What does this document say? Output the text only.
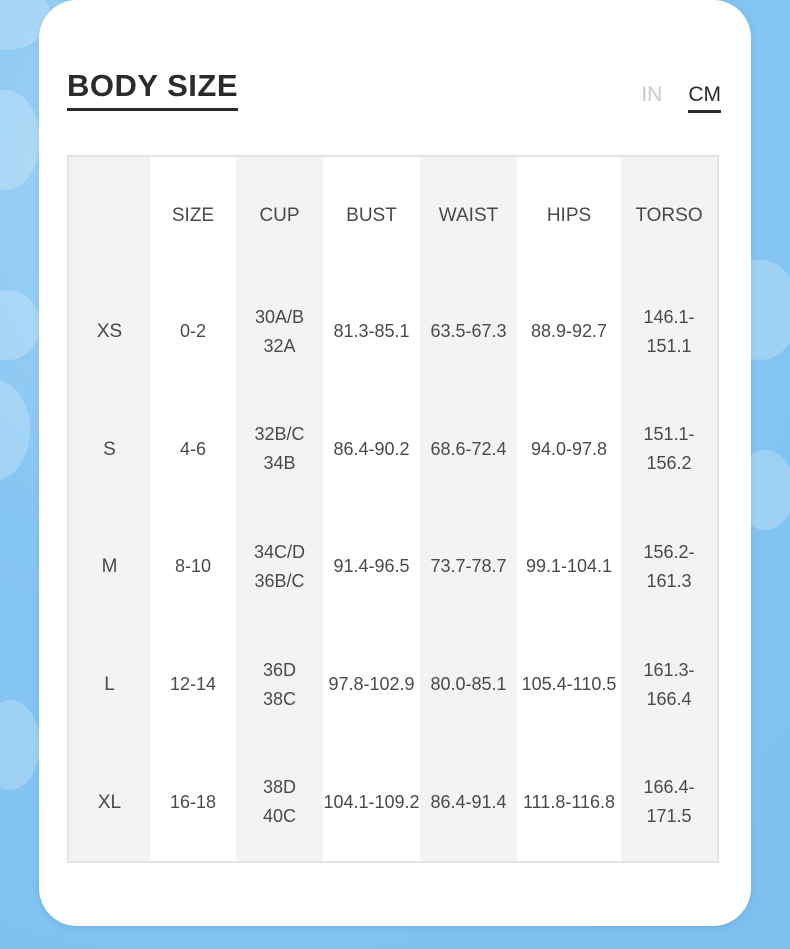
BODY SIZE	IN CM
XS
S
M
L
XL
SIZE
0-2
4-6
8-10
12-14
16-18
CUP
30A/B
32A
32B/C
34B
34C/D
36B/C
36D
38C
38D
40C
BUST
81.3-85.1
86.4-90.2
91.4-96.5
97.8-102.9
104.1-109.2
WAIST
63.5-67.3
68.6-72.4
73.7-78.7
80.0-85.1
86.4-91.4
HIPS
88.9-92.7
94.0-97.8
99.1-104.1
105.4-110.5
111.8-116.8
TORSO
146.1-151.1
151.1-156.2
156.2-161.3
161.3-166.4
166.4-171.5
